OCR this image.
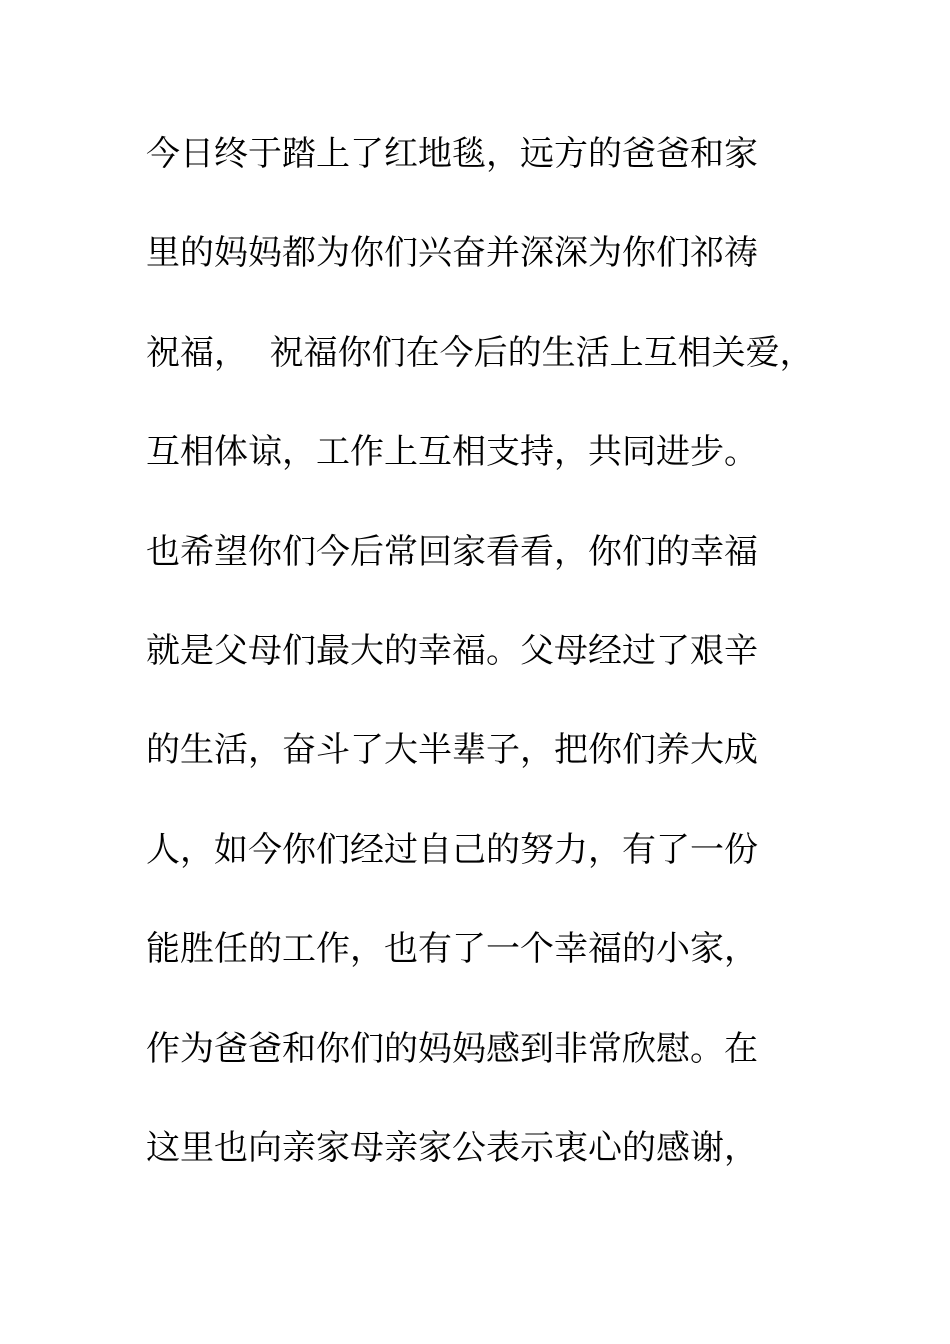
今日终于踏上了红地毯，远方的爸爸和家
里的妈妈都为你们兴奋并深深为你们祁祷
祝福，  祝福你们在今后的生活上互相关爱，
互相体谅，工作上互相支持，共同进步。
也希望你们今后常回家看看，你们的幸福
就是父母们最大的幸福。父母经过了艰辛
的生活，奋斗了大半辈子，把你们养大成
人，如今你们经过自己的努力，有了一份
能胜任的工作，也有了一个幸福的小家，
作为爸爸和你们的妈妈感到非常欣慰。在
这里也向亲家母亲家公表示衷心的感谢，
